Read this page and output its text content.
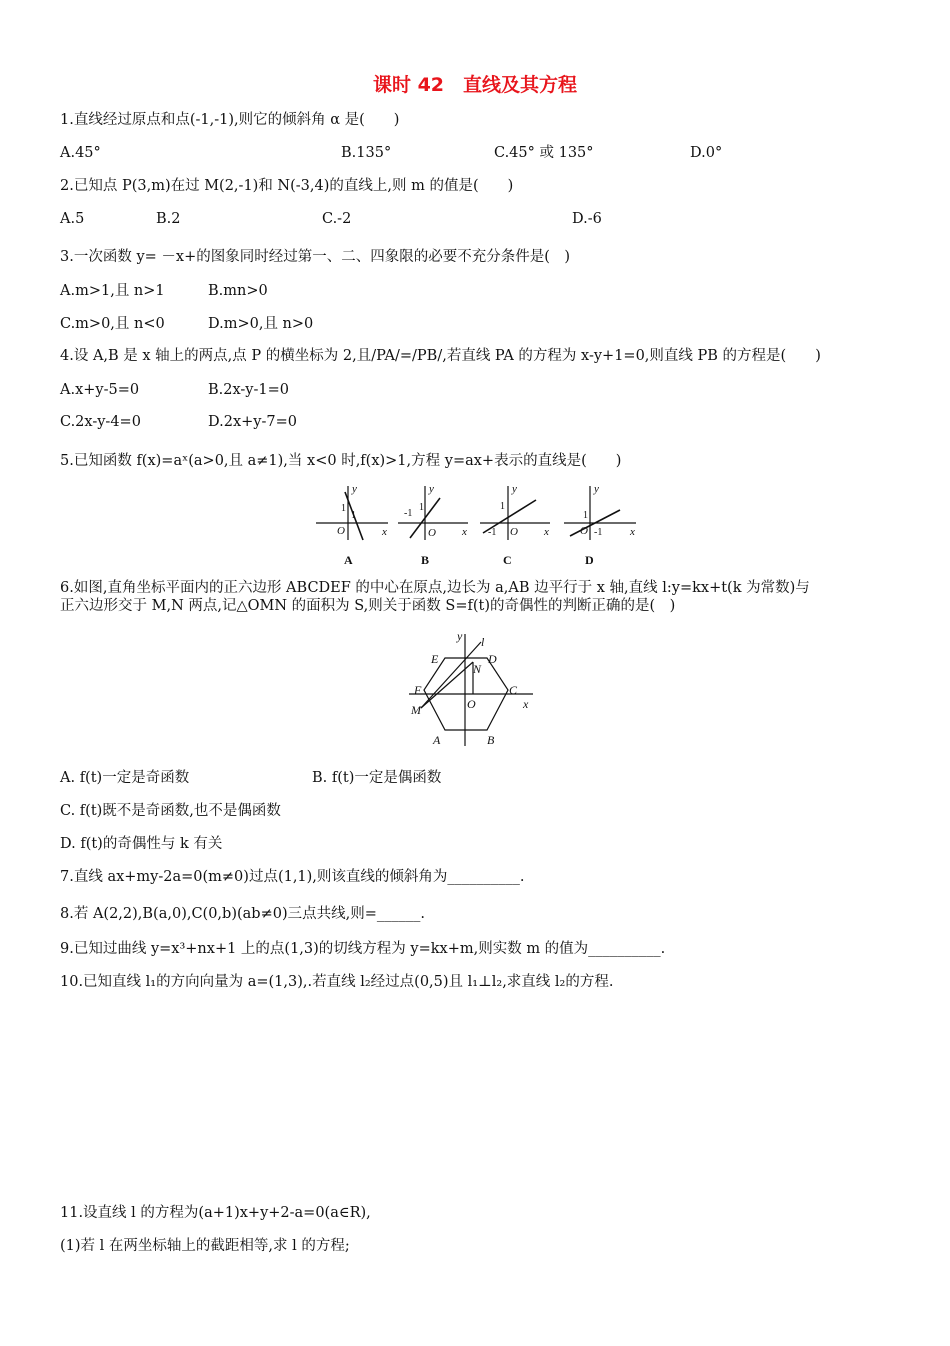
课时 42　直线及其方程
1.直线经过原点和点(-1,-1),则它的倾斜角 α 是(　　)
A.45°	B.135°	C.45° 或 135°	D.0°
2.已知点 P(3,m)在过 M(2,-1)和 N(-3,4)的直线上,则 m 的值是(　　)
A.5	B.2	C.-2	D.-6
3.一次函数 y= －x+的图象同时经过第一、二、四象限的必要不充分条件是(　)
A.m>1,且 n>1	B.mn>0
C.m>0,且 n<0	D.m>0,且 n>0
4.设 A,B 是 x 轴上的两点,点 P 的横坐标为 2,且/PA/=/PB/,若直线 PA 的方程为 x-y+1=0,则直线 PB 的方程是(　　)
A.x+y-5=0	B.2x-y-1=0
C.2x-y-4=0	D.2x+y-7=0
5.已知函数 f(x)=aˣ(a>0,且 a≠1),当 x<0 时,f(x)>1,方程 y=ax+表示的直线是(　　)
y
x
O
y
x
O
y
x
O
y
x
O
1
1	-1
1	1
-1
1
-1
A	B	C	D
6.如图,直角坐标平面内的正六边形 ABCDEF 的中心在原点,边长为 a,AB 边平行于 x 轴,直线 l:y=kx+t(k 为常数)与
正六边形交于 M,N 两点,记△OMN 的面积为 S,则关于函数 S=f(t)的奇偶性的判断正确的是(　)
y l
E	D
N
F	C
x
M	O
A	B
A. f(t)一定是奇函数	B. f(t)一定是偶函数
C. f(t)既不是奇函数,也不是偶函数
D. f(t)的奇偶性与 k 有关
7.直线 ax+my-2a=0(m≠0)过点(1,1),则该直线的倾斜角为__________.
8.若 A(2,2),B(a,0),C(0,b)(ab≠0)三点共线,则=______.
9.已知过曲线 y=x³+nx+1 上的点(1,3)的切线方程为 y=kx+m,则实数 m 的值为__________.
10.已知直线 l₁的方向向量为 a=(1,3),.若直线 l₂经过点(0,5)且 l₁⊥l₂,求直线 l₂的方程.
11.设直线 l 的方程为(a+1)x+y+2-a=0(a∈R),
(1)若 l 在两坐标轴上的截距相等,求 l 的方程;
